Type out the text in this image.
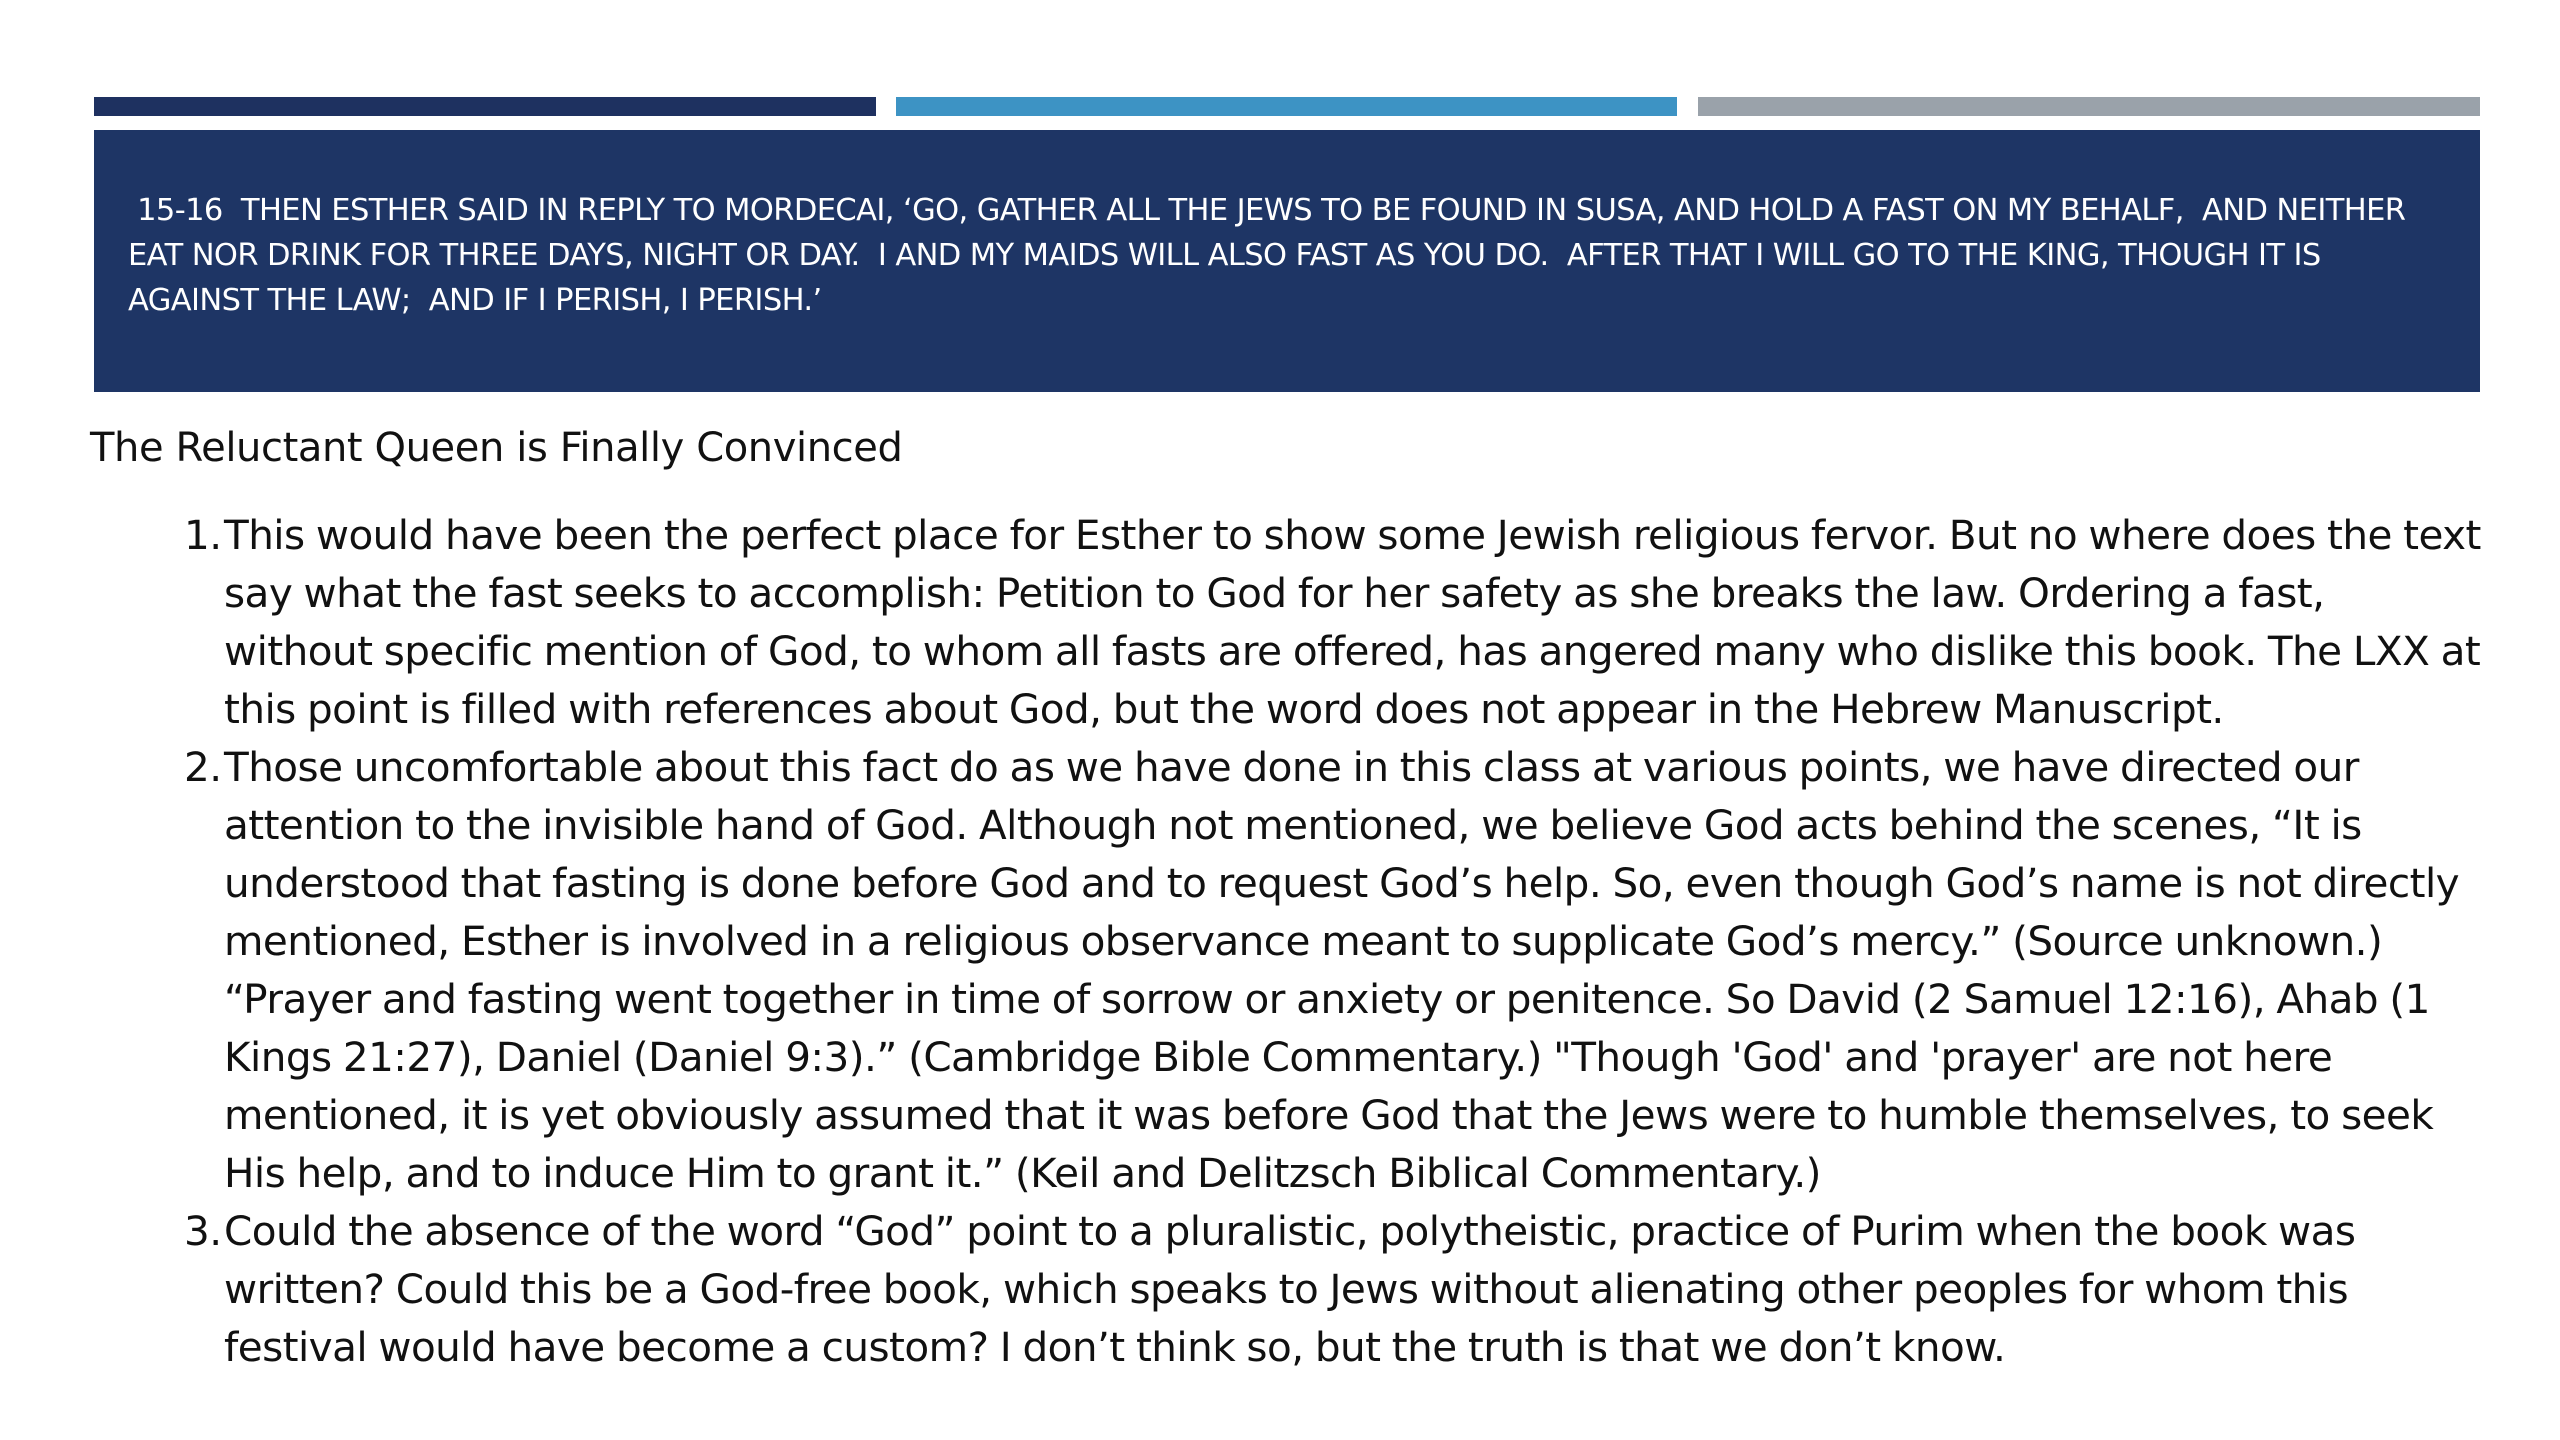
15-16  THEN ESTHER SAID IN REPLY TO MORDECAI, ‘GO, GATHER ALL THE JEWS TO BE FOUND IN SUSA, AND HOLD A FAST ON MY BEHALF,  AND NEITHER EAT NOR DRINK FOR THREE DAYS, NIGHT OR DAY.  I AND MY MAIDS WILL ALSO FAST AS YOU DO.  AFTER THAT I WILL GO TO THE KING, THOUGH IT IS AGAINST THE LAW;  AND IF I PERISH, I PERISH.’

The Reluctant Queen is Finally Convinced
1. This would have been the perfect place for Esther to show some Jewish religious fervor. But no where does the text say what the fast seeks to accomplish: Petition to God for her safety as she breaks the law. Ordering a fast, without specific mention of God, to whom all fasts are offered, has angered many who dislike this book. The LXX at this point is filled with references about God, but the word does not appear in the Hebrew Manuscript.
2. Those uncomfortable about this fact do as we have done in this class at various points, we have directed our attention to the invisible hand of God. Although not mentioned, we believe God acts behind the scenes, “It is understood that fasting is done before God and to request God’s help. So, even though God’s name is not directly mentioned, Esther is involved in a religious observance meant to supplicate God’s mercy.” (Source unknown.) “Prayer and fasting went together in time of sorrow or anxiety or penitence. So David (2 Samuel 12:16), Ahab (1 Kings 21:27), Daniel (Daniel 9:3).” (Cambridge Bible Commentary.) "Though 'God' and 'prayer' are not here mentioned, it is yet obviously assumed that it was before God that the Jews were to humble themselves, to seek His help, and to induce Him to grant it.” (Keil and Delitzsch Biblical Commentary.)
3. Could the absence of the word “God” point to a pluralistic, polytheistic, practice of Purim when the book was written? Could this be a God-free book, which speaks to Jews without alienating other peoples for whom this festival would have become a custom? I don’t think so, but the truth is that we don’t know.
